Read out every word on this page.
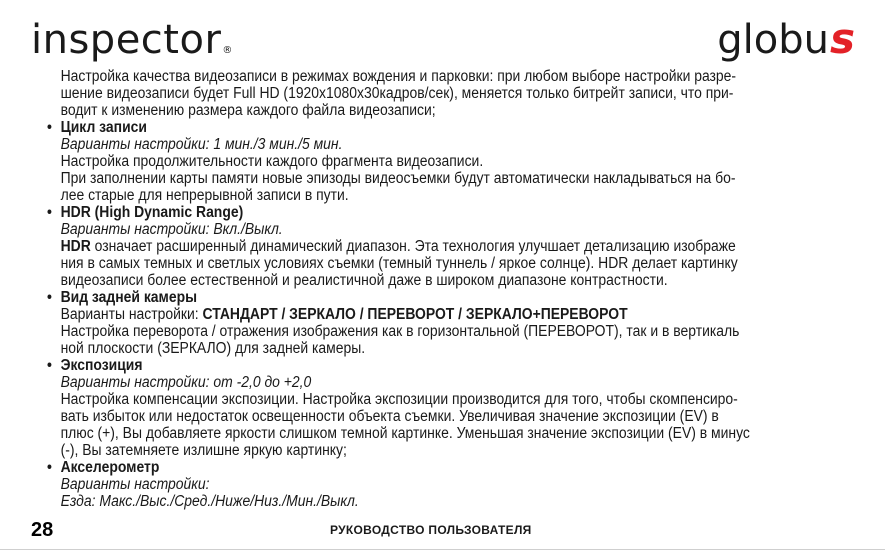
inspector®	globus

Настройка качества видеозаписи в режимах вождения и парковки: при любом выборе настройки разре-

шение видеозаписи будет Full HD (1920x1080x30кадров/сек), меняется только битрейт записи, что при-

водит к изменению размера каждого файла видеозаписи;

• Цикл записи

Варианты настройки: 1 мин./3 мин./5 мин.

Настройка продолжительности каждого фрагмента видеозаписи.

При заполнении карты памяти новые эпизоды видеосъемки будут автоматически накладываться на бо-

лее старые для непрерывной записи в пути.

• HDR (High Dynamic Range)

Варианты настройки: Вкл./Выкл.

HDR означает расширенный динамический диапазон. Эта технология улучшает детализацию изображе

ния в самых темных и светлых условиях съемки (темный туннель / яркое солнце). HDR делает картинку

видеозаписи более естественной и реалистичной даже в широком диапазоне контрастности.

• Вид задней камеры

Варианты настройки: СТАНДАРТ / ЗЕРКАЛО / ПЕРЕВОРОТ / ЗЕРКАЛО+ПЕРЕВОРОТ

Настройка переворота / отражения изображения как в горизонтальной (ПЕРЕВОРОТ), так и в вертикаль

ной плоскости (ЗЕРКАЛО) для задней камеры.

• Экспозиция

Варианты настройки: от -2,0 до +2,0

Настройка компенсации экспозиции. Настройка экспозиции производится для того, чтобы скомпенсиро-

вать избыток или недостаток освещенности объекта съемки. Увеличивая значение экспозиции (EV) в

плюс (+), Вы добавляете яркости слишком темной картинке. Уменьшая значение экспозиции (EV) в минус

(-), Вы затемняете излишне яркую картинку;

• Акселерометр

Варианты настройки:

Езда: Макс./Выс./Сред./Ниже/Низ./Мин./Выкл.

28	РУКОВОДСТВО ПОЛЬЗОВАТЕЛЯ
